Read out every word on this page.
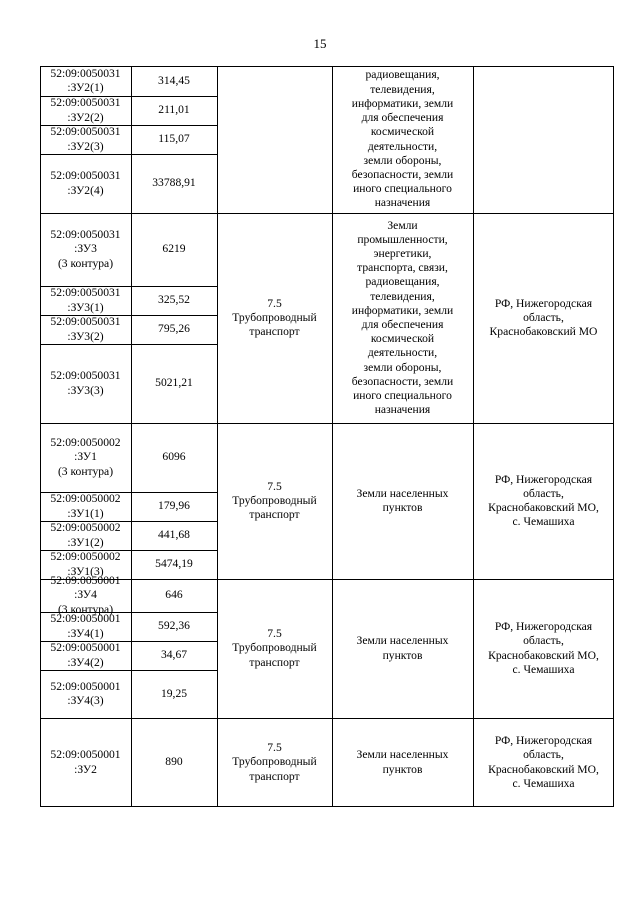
15
52:09:0050031
:ЗУ2(1)
314,45
52:09:0050031
:ЗУ2(2)
211,01
52:09:0050031
:ЗУ2(3)
115,07
52:09:0050031
:ЗУ2(4)
33788,91
52:09:0050031
:ЗУ3
(3 контура)
6219
52:09:0050031
:ЗУ3(1)
325,52
52:09:0050031
:ЗУ3(2)
795,26
52:09:0050031
:ЗУ3(3)
5021,21
52:09:0050002
:ЗУ1
(3 контура)
6096
52:09:0050002
:ЗУ1(1)
179,96
52:09:0050002
:ЗУ1(2)
441,68
52:09:0050002
:ЗУ1(3)
5474,19
52:09:0050001
:ЗУ4
(3 контура)
646
52:09:0050001
:ЗУ4(1)
592,36
52:09:0050001
:ЗУ4(2)
34,67
52:09:0050001
:ЗУ4(3)
19,25
52:09:0050001
:ЗУ2
890
радиовещания,
телевидения,
информатики, земли
для обеспечения
космической
деятельности,
земли обороны,
безопасности, земли
иного специального
назначения
7.5
Трубопроводный
транспорт
Земли
промышленности,
энергетики,
транспорта, связи,
радиовещания,
телевидения,
информатики, земли
для обеспечения
космической
деятельности,
земли обороны,
безопасности, земли
иного специального
назначения
РФ, Нижегородская
область,
Краснобаковский МО
7.5
Трубопроводный
транспорт
Земли населенных
пунктов
РФ, Нижегородская
область,
Краснобаковский МО,
с. Чемашиха
7.5
Трубопроводный
транспорт
Земли населенных
пунктов
РФ, Нижегородская
область,
Краснобаковский МО,
с. Чемашиха
7.5
Трубопроводный
транспорт
Земли населенных
пунктов
РФ, Нижегородская
область,
Краснобаковский МО,
с. Чемашиха
